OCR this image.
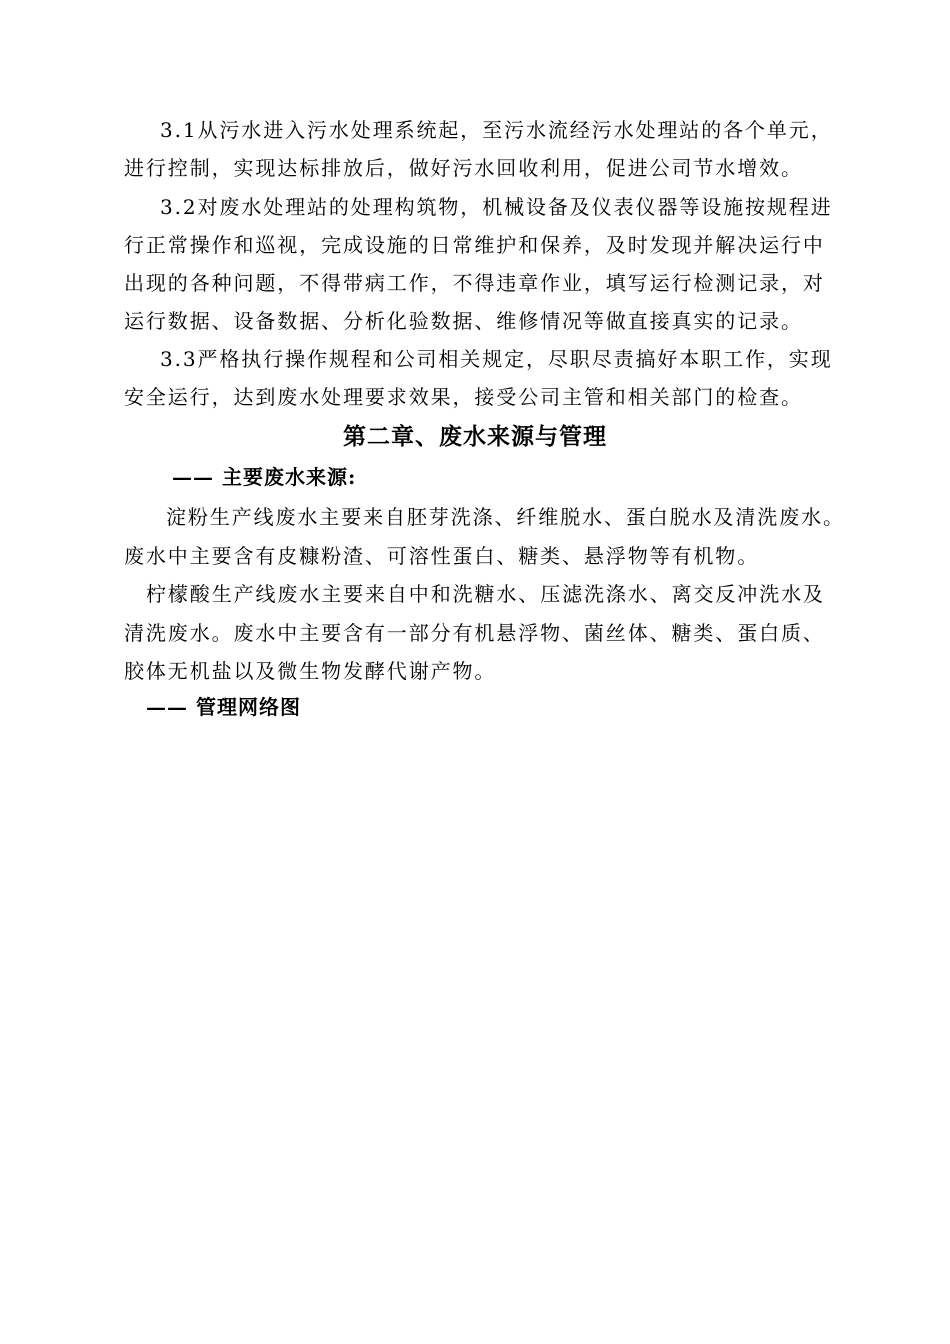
3.1从污水进入污水处理系统起，至污水流经污水处理站的各个单元，
进行控制，实现达标排放后，做好污水回收利用，促进公司节水增效。
3.2对废水处理站的处理构筑物，机械设备及仪表仪器等设施按规程进
行正常操作和巡视，完成设施的日常维护和保养，及时发现并解决运行中
出现的各种问题，不得带病工作，不得违章作业，填写运行检测记录，对
运行数据、设备数据、分析化验数据、维修情况等做直接真实的记录。
3.3严格执行操作规程和公司相关规定，尽职尽责搞好本职工作，实现
安全运行，达到废水处理要求效果，接受公司主管和相关部门的检查。
第二章、废水来源与管理
—— 主要废水来源:
淀粉生产线废水主要来自胚芽洗涤、纤维脱水、蛋白脱水及清洗废水。
废水中主要含有皮糠粉渣、可溶性蛋白、糖类、悬浮物等有机物。
柠檬酸生产线废水主要来自中和洗糖水、压滤洗涤水、离交反冲洗水及
清洗废水。废水中主要含有一部分有机悬浮物、菌丝体、糖类、蛋白质、
胶体无机盐以及微生物发酵代谢产物。
—— 管理网络图
